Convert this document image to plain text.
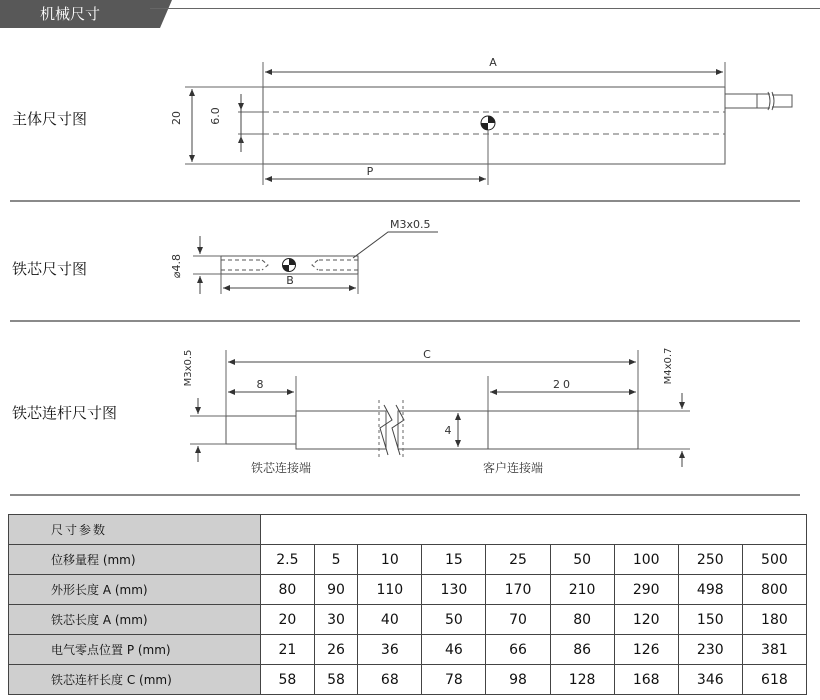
机械尺寸
主体尺寸图
铁芯尺寸图
铁芯连杆尺寸图
A
20 6.0
P
⌀4.8
B
M3x0.5
C
8	20
4
M3x0.5	M4x0.7
铁芯连接端	客户连接端
尺寸参数									
位移量程 (mm)	2.5	5	10	15	25	50	100	250	500
外形长度 A (mm)	80	90	110	130	170	210	290	498	800
铁芯长度 A (mm)	20	30	40	50	70	80	120	150	180
电气零点位置 P (mm)	21	26	36	46	66	86	126	230	381
铁芯连杆长度 C (mm)	58	58	68	78	98	128	168	346	618
